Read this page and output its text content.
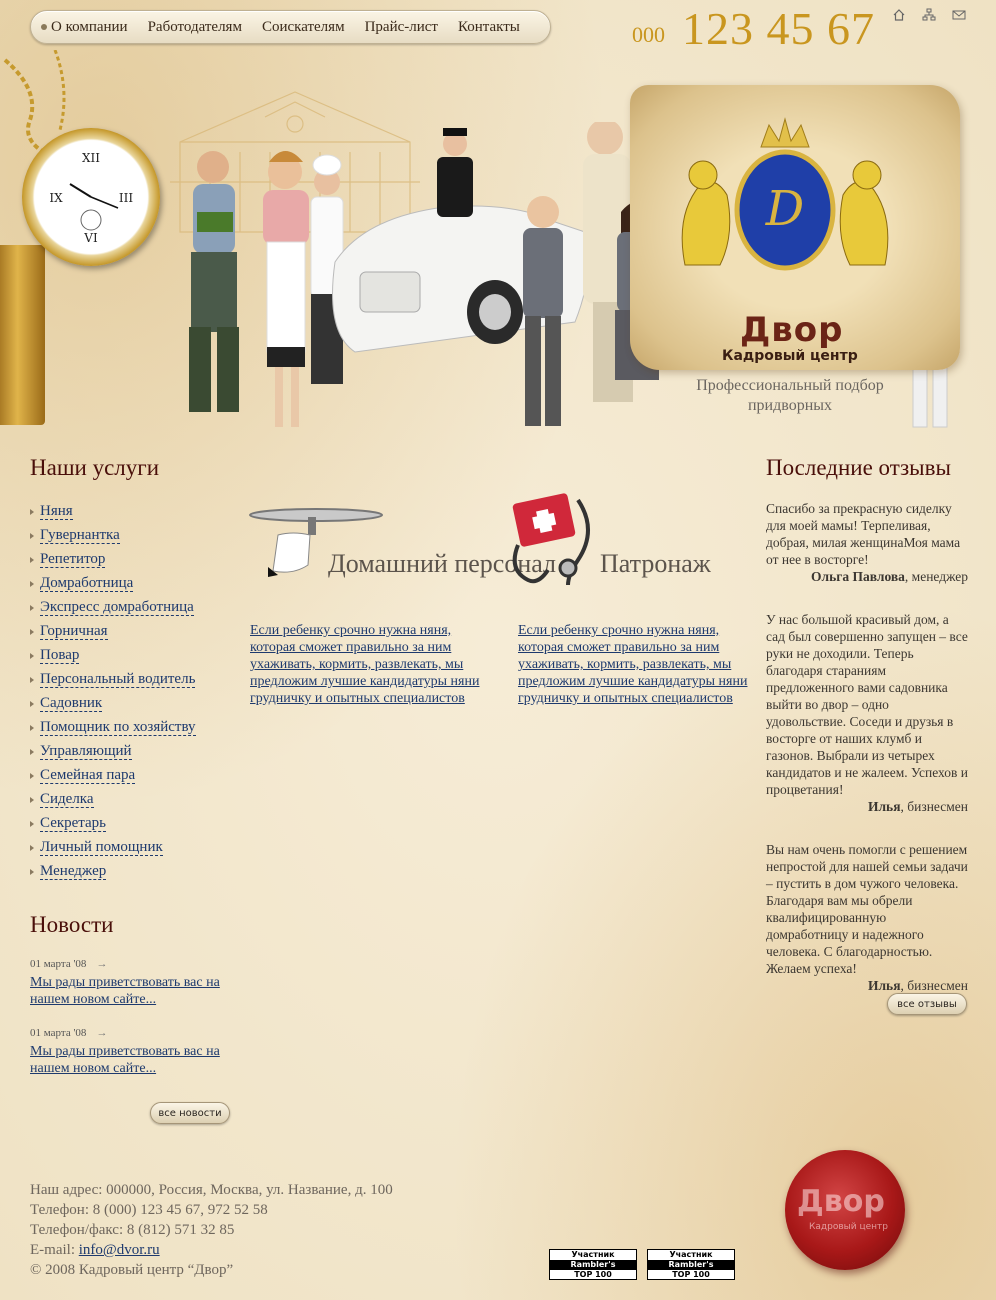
О компании Работодателям Соискателям Прайс-лист Контакты	000 123 45 67
XII
III
VI
IX	D
Двор
Кадровый центр
Профессиональный подбор придворных
Наши услуги
Няня
Гувернантка
Репетитор
Домработница
Экспресс домработница
Горничная
Повар
Персональный водитель
Садовник
Помощник по хозяйству
Управляющий
Семейная пара
Сиделка
Секретарь
Личный помощник
Менеджер
Новости
01 марта '08 →
Мы рады приветствовать вас на нашем новом сайте...
01 марта '08 →
Мы рады приветствовать вас на нашем новом сайте...
все новости
Домашний персонал
Если ребенку срочно нужна няня, которая сможет правильно за ним ухаживать, кормить, развлекать, мы предложим лучшие кандидатуры няни грудничку и опытных специалистов
Патронаж
Если ребенку срочно нужна няня, которая сможет правильно за ним ухаживать, кормить, развлекать, мы предложим лучшие кандидатуры няни грудничку и опытных специалистов
Последние отзывы
Спасибо за прекрасную сиделку для моей мамы! Терпеливая, добрая, милая женщинаМоя мама от нее в восторге!
Ольга Павлова, менеджер
У нас большой красивый дом, а сад был совершенно запущен – все руки не доходили. Теперь благодаря стараниям предложенного вами садовника выйти во двор – одно удовольствие. Соседи и друзья в восторге от наших клумб и газонов. Выбрали из четырех кандидатов и не жалеем. Успехов и процветания!
Илья, бизнесмен
Вы нам очень помогли с решением непростой для нашей семьи задачи – пустить в дом чужого человека. Благодаря вам мы обрели квалифицированную домработницу и надежного человека. С благодарностью. Желаем успеха!
Илья, бизнесмен
все отзывы
Наш адрес: 000000, Россия, Москва, ул. Название, д. 100
Телефон: 8 (000) 123 45 67, 972 52 58
Телефон/факс: 8 (812) 571 32 85
E-mail: info@dvor.ru
© 2008 Кадровый центр “Двор”
Участник
Rambler's
TOP 100
Участник
Rambler's
TOP 100
Двор
Кадровый центр
